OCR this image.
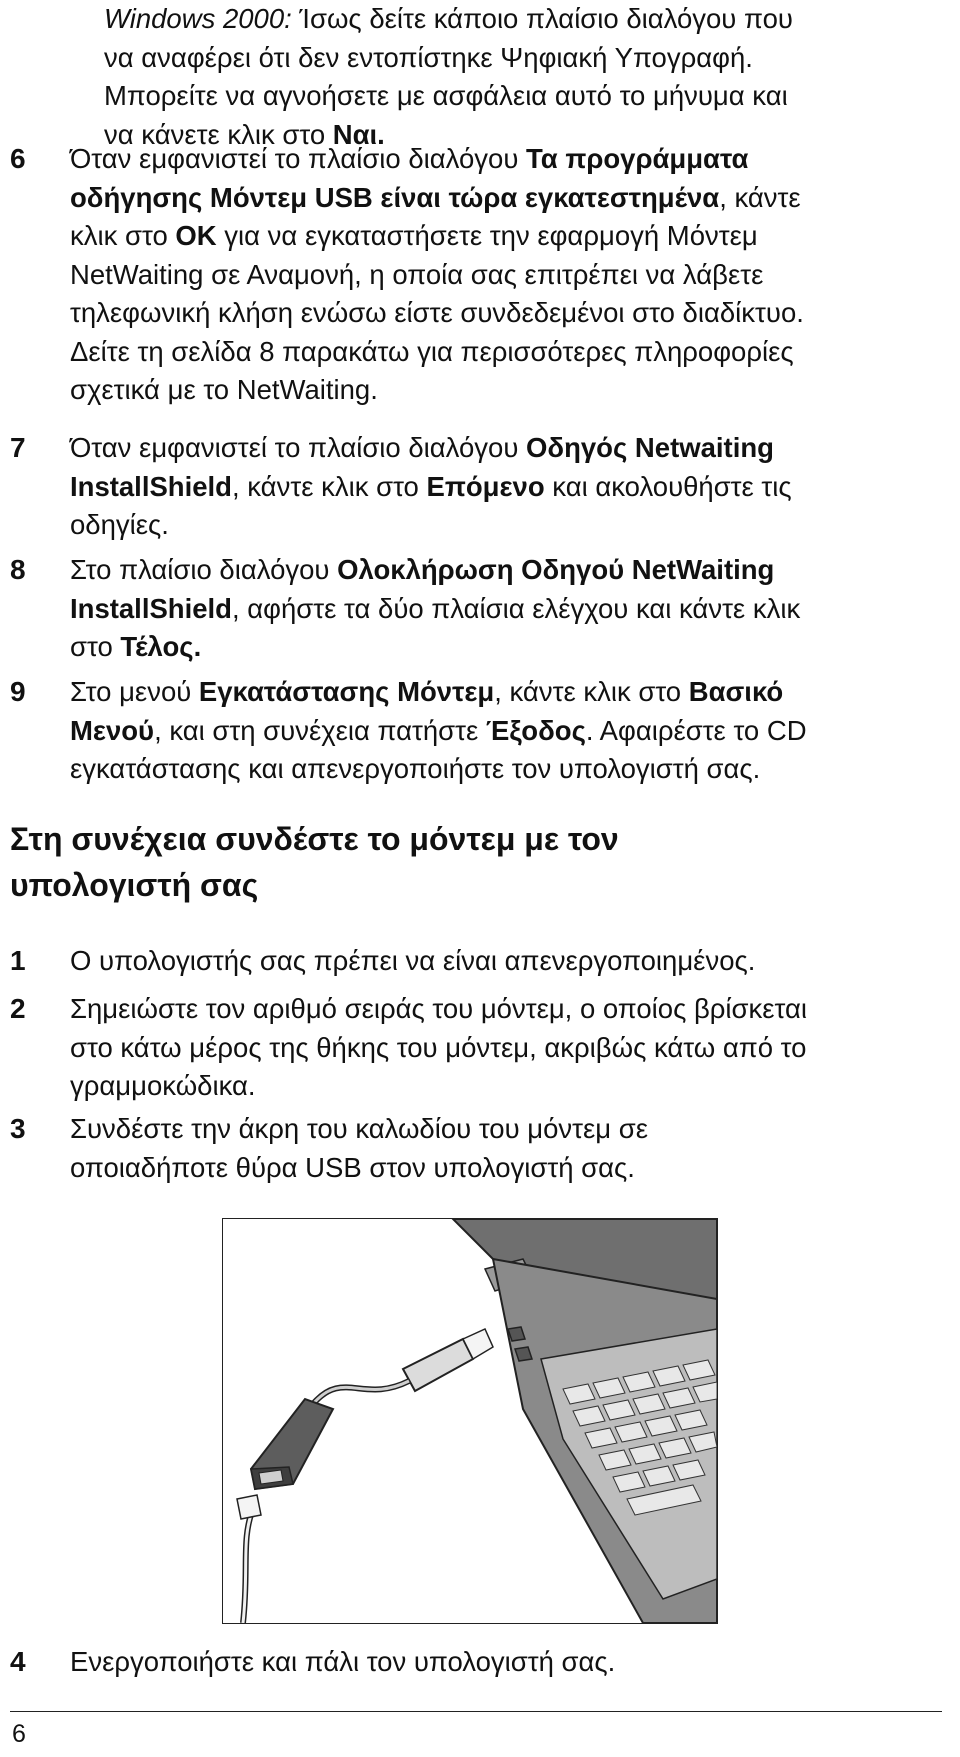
Windows 2000: Ίσως δείτε κάποιο πλαίσιο διαλόγου που
να αναφέρει ότι δεν εντοπίστηκε Ψηφιακή Υπογραφή.
Μπορείτε να αγνοήσετε με ασφάλεια αυτό το μήνυμα και
να κάνετε κλικ στο Ναι.
6 Όταν εμφανιστεί το πλαίσιο διαλόγου Τα προγράμματα
οδήγησης Μόντεμ USB είναι τώρα εγκατεστημένα, κάντε
κλικ στο OK για να εγκαταστήσετε την εφαρμογή Μόντεμ
NetWaiting σε Αναμονή, η οποία σας επιτρέπει να λάβετε
τηλεφωνική κλήση ενώσω είστε συνδεδεμένοι στο διαδίκτυο.
Δείτε τη σελίδα 8 παρακάτω για περισσότερες πληροφορίες
σχετικά με το NetWaiting.
7 Όταν εμφανιστεί το πλαίσιο διαλόγου Οδηγός Netwaiting
InstallShield, κάντε κλικ στο Επόμενο και ακολουθήστε τις
οδηγίες.
8 Στο πλαίσιο διαλόγου Ολοκλήρωση Οδηγού NetWaiting
InstallShield, αφήστε τα δύο πλαίσια ελέγχου και κάντε κλικ
στο Τέλος.
9 Στο μενού Εγκατάστασης Μόντεμ, κάντε κλικ στο Βασικό
Μενού, και στη συνέχεια πατήστε Έξοδος. Αφαιρέστε το CD
εγκατάστασης και απενεργοποιήστε τον υπολογιστή σας.
Στη συνέχεια συνδέστε το μόντεμ με τον
υπολογιστή σας
1 Ο υπολογιστής σας πρέπει να είναι απενεργοποιημένος.
2 Σημειώστε τον αριθμό σειράς του μόντεμ, ο οποίος βρίσκεται
στο κάτω μέρος της θήκης του μόντεμ, ακριβώς κάτω από το
γραμμοκώδικα.
3 Συνδέστε την άκρη του καλωδίου του μόντεμ σε
οποιαδήποτε θύρα USB στον υπολογιστή σας.
4 Ενεργοποιήστε και πάλι τον υπολογιστή σας.
6
